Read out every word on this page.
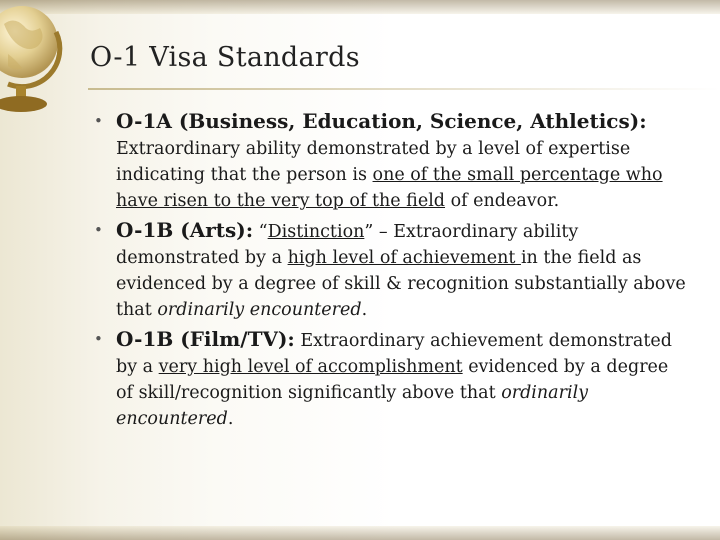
O-1 Visa Standards
• O-1A (Business, Education, Science, Athletics): Extraordinary ability demonstrated by a level of expertise indicating that the person is one of the small percentage who have risen to the very top of the field of endeavor.
• O-1B (Arts): “Distinction” – Extraordinary ability demonstrated by a high level of achievement in the field as evidenced by a degree of skill & recognition substantially above that ordinarily encountered.
• O-1B (Film/TV): Extraordinary achievement demonstrated by a very high level of accomplishment evidenced by a degree of skill/recognition significantly above that ordinarily encountered.
